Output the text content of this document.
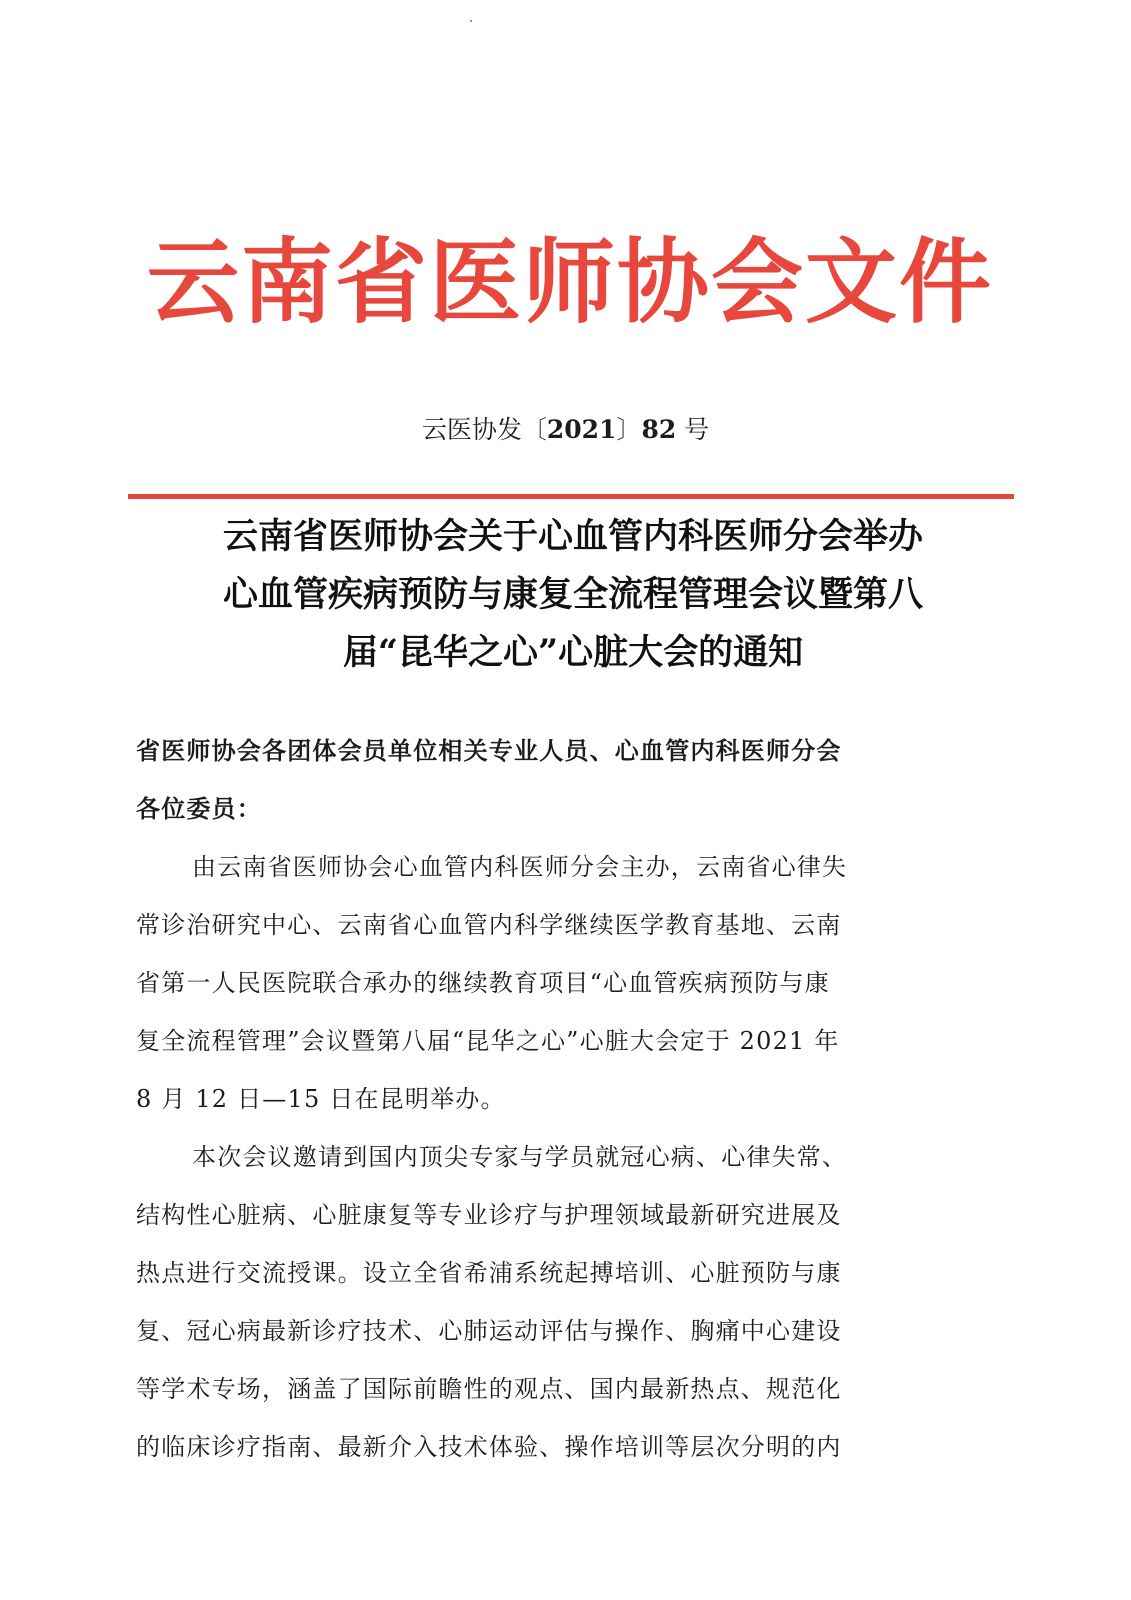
云南省医师协会文件
云医协发〔2021〕82 号
云南省医师协会关于心血管内科医师分会举办
心血管疾病预防与康复全流程管理会议暨第八
届“昆华之心”心脏大会的通知
省医师协会各团体会员单位相关专业人员、心血管内科医师分会
各位委员：
由云南省医师协会心血管内科医师分会主办，云南省心律失
常诊治研究中心、云南省心血管内科学继续医学教育基地、云南
省第一人民医院联合承办的继续教育项目“心血管疾病预防与康
复全流程管理”会议暨第八届“昆华之心”心脏大会定于 2021 年
8 月 12 日—15 日在昆明举办。
本次会议邀请到国内顶尖专家与学员就冠心病、心律失常、
结构性心脏病、心脏康复等专业诊疗与护理领域最新研究进展及
热点进行交流授课。设立全省希浦系统起搏培训、心脏预防与康
复、冠心病最新诊疗技术、心肺运动评估与操作、胸痛中心建设
等学术专场，涵盖了国际前瞻性的观点、国内最新热点、规范化
的临床诊疗指南、最新介入技术体验、操作培训等层次分明的内
